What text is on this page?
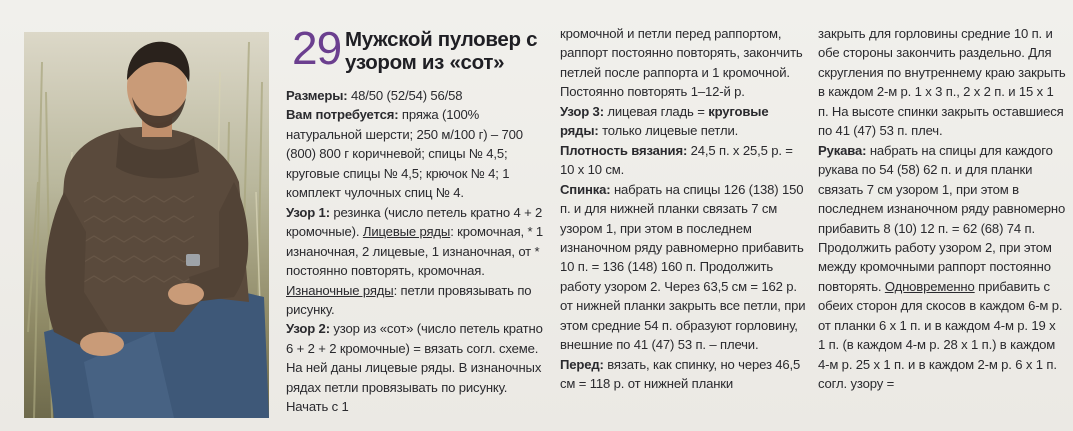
29 Мужской пуловер с узором из «сот»

Размеры: 48/50 (52/54) 56/58

Вам потребуется: пряжа (100% натуральной шерсти; 250 м/100 г) – 700 (800) 800 г коричневой; спицы № 4,5; круговые спицы № 4,5; крючок № 4; 1 комплект чулочных спиц № 4.

Узор 1: резинка (число петель кратно 4 + 2 кромочные). Лицевые ряды: кромочная, * 1 изнаночная, 2 лицевые, 1 изнаночная, от * постоянно повторять, кромочная. Изнаночные ряды: петли провязывать по рисунку.

Узор 2: узор из «сот» (число петель кратно 6 + 2 + 2 кромочные) = вязать согл. схеме. На ней даны лицевые ряды. В изнаночных рядах петли провязывать по рисунку. Начать с 1

кромочной и петли перед раппортом, раппорт постоянно повторять, закончить петлей после раппорта и 1 кромочной. Постоянно повторять 1–12-й р.

Узор 3: лицевая гладь = круговые ряды: только лицевые петли.

Плотность вязания: 24,5 п. х 25,5 р. = 10 х 10 см.

Спинка: набрать на спицы 126 (138) 150 п. и для нижней планки связать 7 см узором 1, при этом в последнем изнаночном ряду равномерно прибавить 10 п. = 136 (148) 160 п. Продолжить работу узором 2. Через 63,5 см = 162 р. от нижней планки закрыть все петли, при этом средние 54 п. образуют горловину, внешние по 41 (47) 53 п. – плечи.

Перед: вязать, как спинку, но через 46,5 см = 118 р. от нижней планки

закрыть для горловины средние 10 п. и обе стороны закончить раздельно. Для скругления по внутреннему краю закрыть в каждом 2-м р. 1 х 3 п., 2 х 2 п. и 15 х 1 п. На высоте спинки закрыть оставшиеся по 41 (47) 53 п. плеч.

Рукава: набрать на спицы для каждого рукава по 54 (58) 62 п. и для планки связать 7 см узором 1, при этом в последнем изнаночном ряду равномерно прибавить 8 (10) 12 п. = 62 (68) 74 п. Продолжить работу узором 2, при этом между кромочными раппорт постоянно повторять. Одновременно прибавить с обеих сторон для скосов в каждом 6-м р. от планки 6 х 1 п. и в каждом 4-м р. 19 х 1 п. (в каждом 4-м р. 28 х 1 п.) в каждом 4-м р. 25 х 1 п. и в каждом 2-м р. 6 х 1 п. согл. узору =
